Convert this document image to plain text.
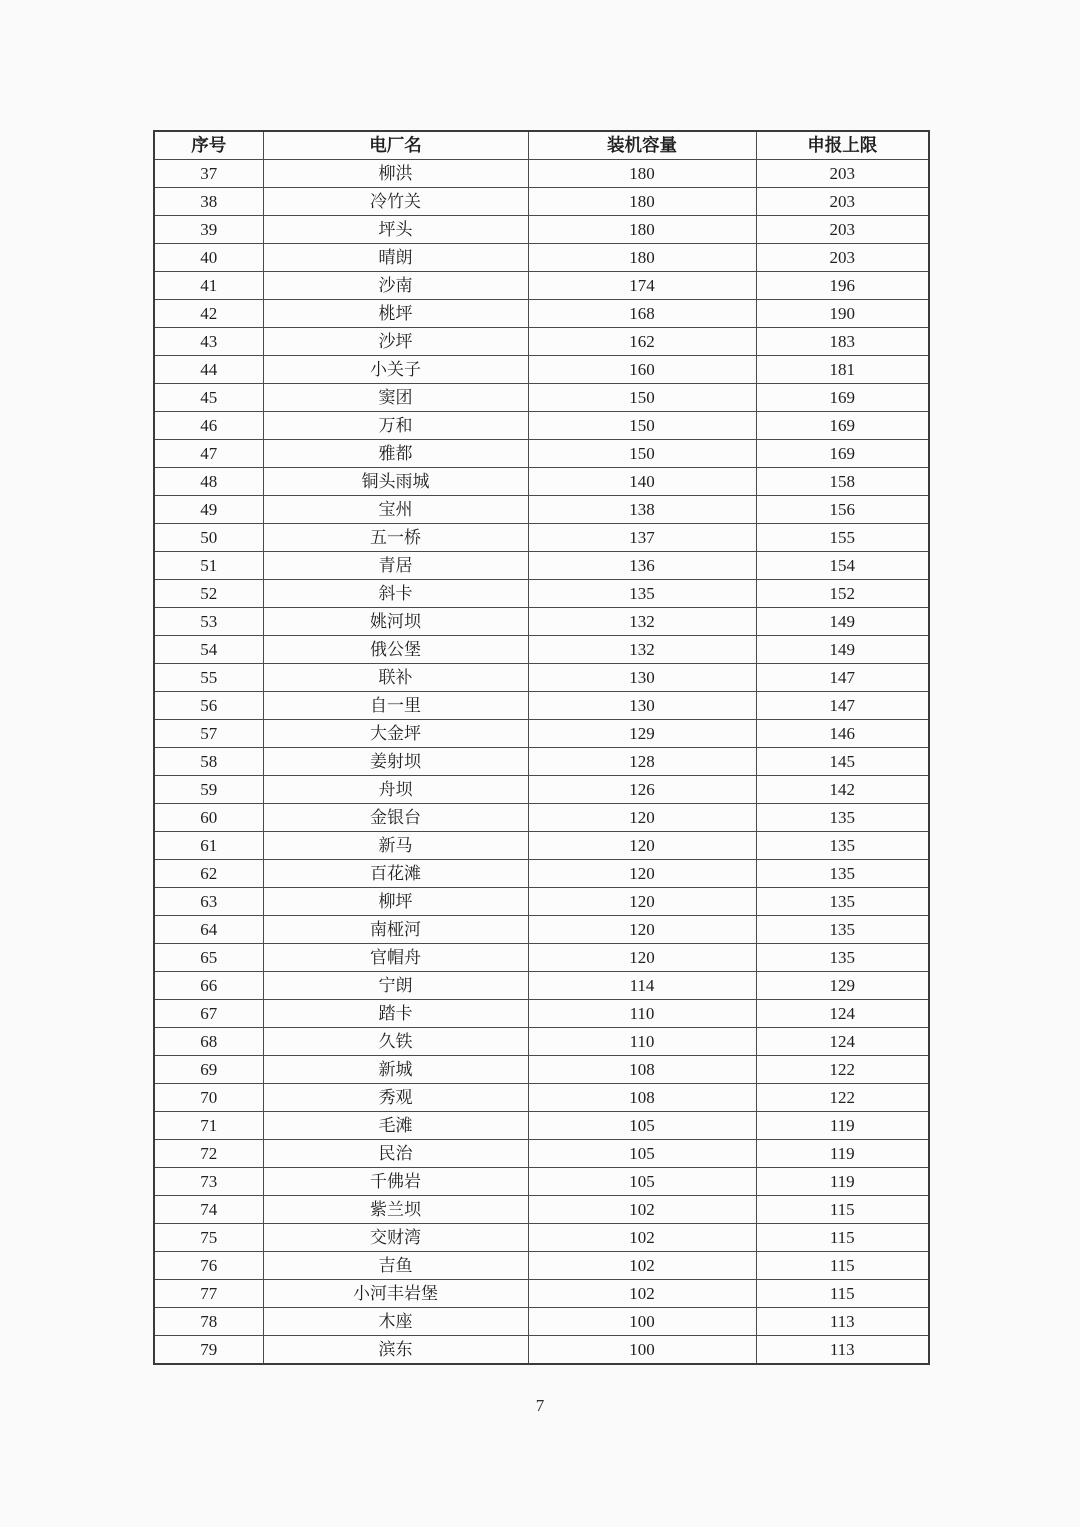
序号	电厂名	装机容量	申报上限
37	柳洪	180	203
38	冷竹关	180	203
39	坪头	180	203
40	晴朗	180	203
41	沙南	174	196
42	桃坪	168	190
43	沙坪	162	183
44	小关子	160	181
45	窦团	150	169
46	万和	150	169
47	雅都	150	169
48	铜头雨城	140	158
49	宝州	138	156
50	五一桥	137	155
51	青居	136	154
52	斜卡	135	152
53	姚河坝	132	149
54	俄公堡	132	149
55	联补	130	147
56	自一里	130	147
57	大金坪	129	146
58	姜射坝	128	145
59	舟坝	126	142
60	金银台	120	135
61	新马	120	135
62	百花滩	120	135
63	柳坪	120	135
64	南桠河	120	135
65	官帽舟	120	135
66	宁朗	114	129
67	踏卡	110	124
68	久铁	110	124
69	新城	108	122
70	秀观	108	122
71	毛滩	105	119
72	民治	105	119
73	千佛岩	105	119
74	紫兰坝	102	115
75	交财湾	102	115
76	吉鱼	102	115
77	小河丰岩堡	102	115
78	木座	100	113
79	滨东	100	113
7
